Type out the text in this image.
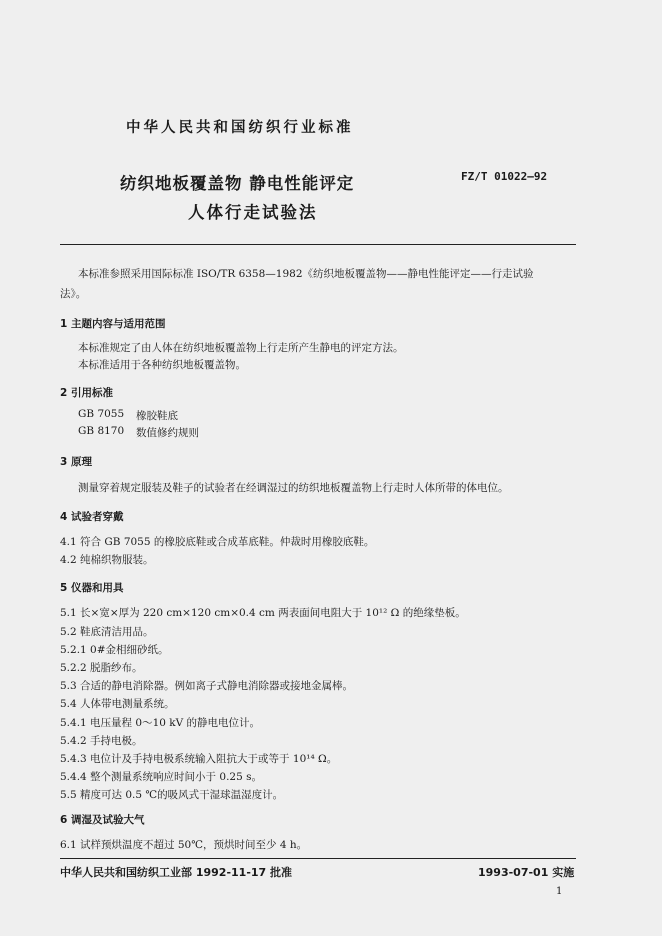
中华人民共和国纺织行业标准
纺织地板覆盖物 静电性能评定
人体行走试验法
FZ/T 01022—92
本标准参照采用国际标准 ISO/TR 6358—1982《纺织地板覆盖物——静电性能评定——行走试验
法》。
1 主题内容与适用范围
本标准规定了由人体在纺织地板覆盖物上行走所产生静电的评定方法。
本标准适用于各种纺织地板覆盖物。
2 引用标准
GB 7055 橡胶鞋底
GB 8170 数值修约规则
3 原理
测量穿着规定服装及鞋子的试验者在经调湿过的纺织地板覆盖物上行走时人体所带的体电位。
4 试验者穿戴
4.1 符合 GB 7055 的橡胶底鞋或合成革底鞋。仲裁时用橡胶底鞋。
4.2 纯棉织物服装。
5 仪器和用具
5.1 长×宽×厚为 220 cm×120 cm×0.4 cm 两表面间电阻大于 10¹² Ω 的绝缘垫板。
5.2 鞋底清洁用品。
5.2.1 0#金相细砂纸。
5.2.2 脱脂纱布。
5.3 合适的静电消除器。例如离子式静电消除器或接地金属棒。
5.4 人体带电测量系统。
5.4.1 电压量程 0～10 kV 的静电电位计。
5.4.2 手持电极。
5.4.3 电位计及手持电极系统输入阻抗大于或等于 10¹⁴ Ω。
5.4.4 整个测量系统响应时间小于 0.25 s。
5.5 精度可达 0.5 ℃的吸风式干湿球温湿度计。
6 调湿及试验大气
6.1 试样预烘温度不超过 50℃，预烘时间至少 4 h。
中华人民共和国纺织工业部 1992-11-17 批准	1993-07-01 实施
1
